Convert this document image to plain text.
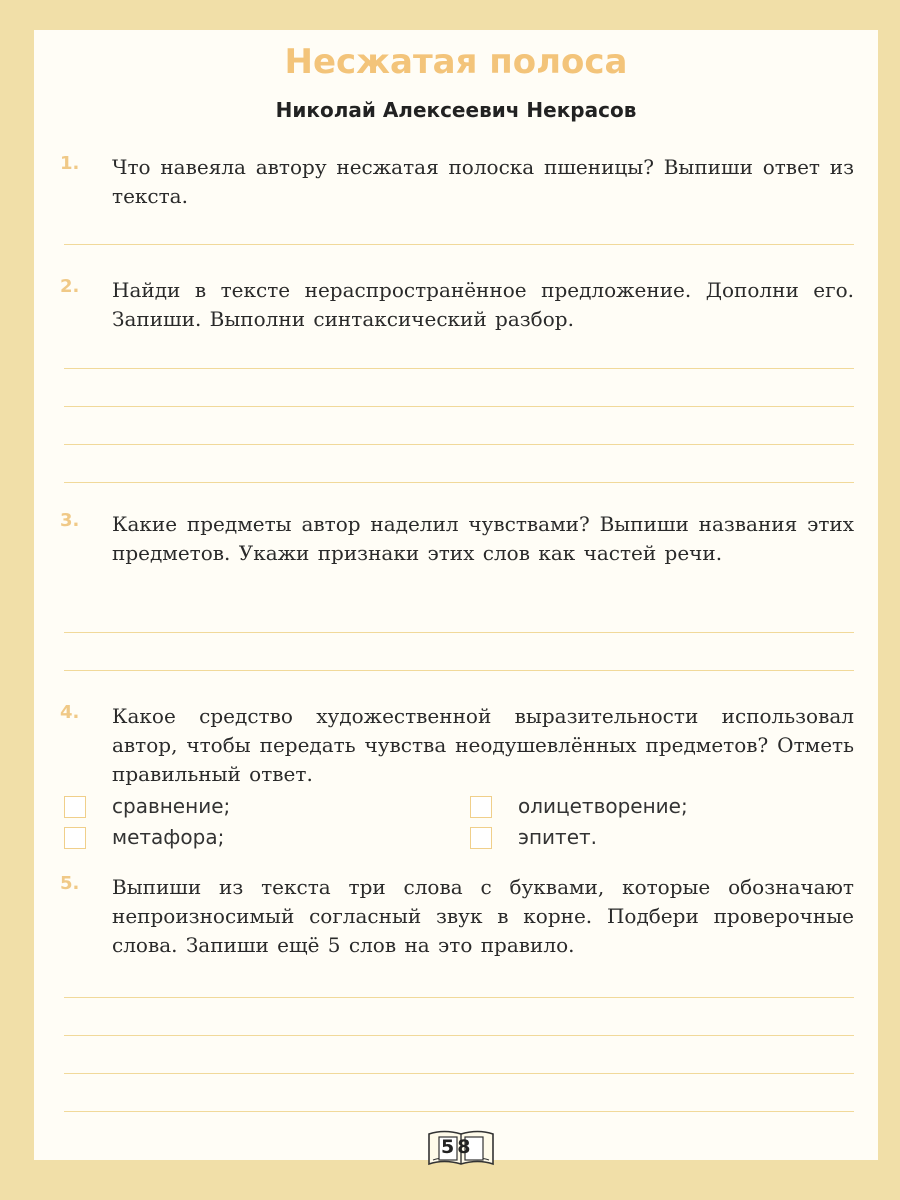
Несжатая полоса
Николай Алексеевич Некрасов
1. Что навеяла автору несжатая полоска пшеницы? Выпиши ответ из текста.
2. Найди в тексте нераспространённое предложение. Дополни его. Запиши. Выполни синтаксический разбор.
3. Какие предметы автор наделил чувствами? Выпиши названия этих предметов. Укажи признаки этих слов как частей речи.
4. Какое средство художественной выразительности использовал автор, чтобы передать чувства неодушевлённых предметов? Отметь правильный ответ.
сравнение;	олицетворение;
метафора;	эпитет.
5. Выпиши из текста три слова с буквами, которые обозначают непроизносимый согласный звук в корне. Подбери проверочные слова. Запиши ещё 5 слов на это правило.
58
